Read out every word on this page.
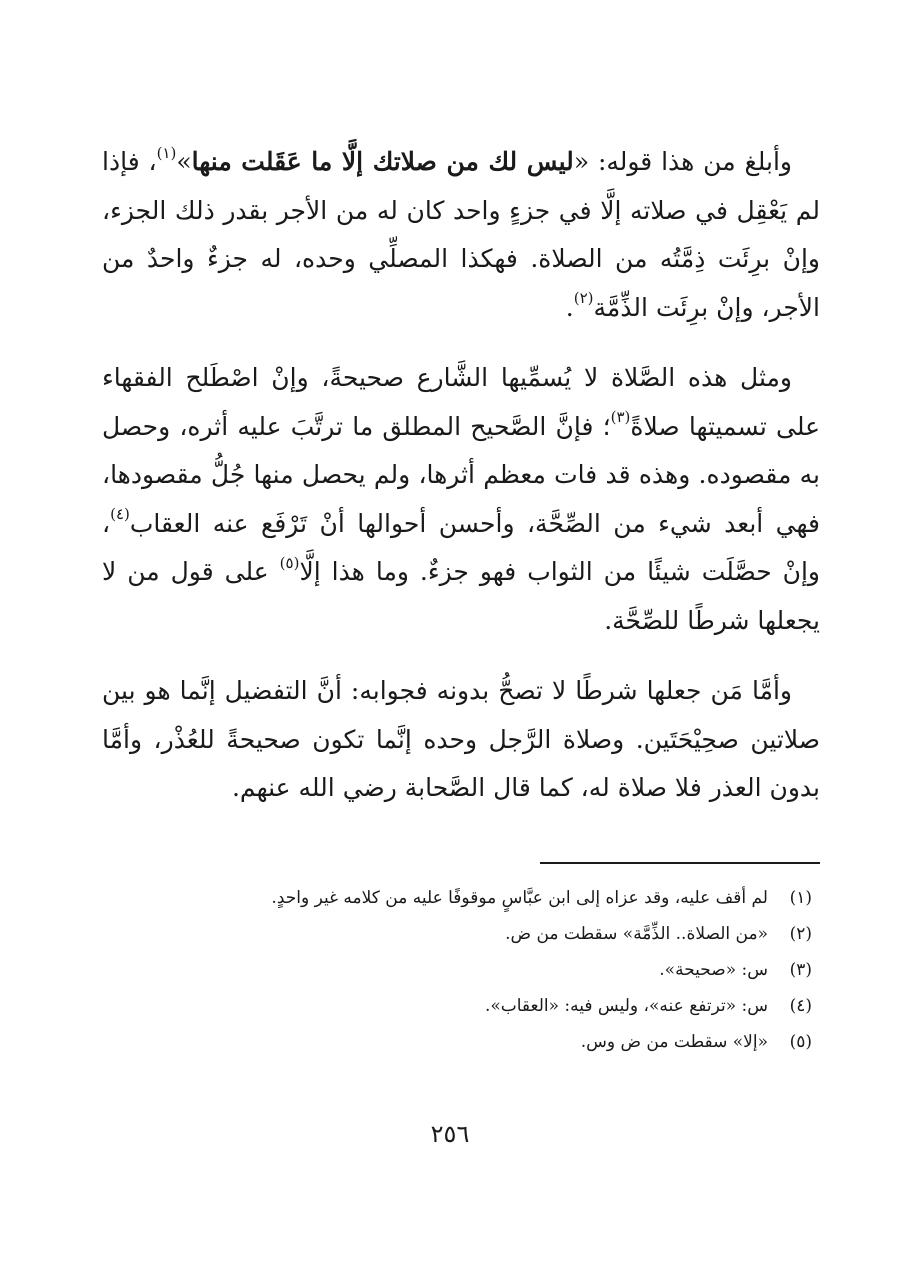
وأبلغ من هذا قوله: «ليس لك من صلاتك إلَّا ما عَقَلت منها»$^{(١)}$، فإذا لم يَعْقِل في صلاته إلَّا في جزءٍ واحد كان له من الأجر بقدر ذلك الجزء، وإنْ برِئَت ذِمَّتُه من الصلاة. فهكذا المصلِّي وحده، له جزءٌ واحدٌ من الأجر، وإنْ برِئَت الذِّمَّة$^{(٢)}$.

ومثل هذه الصَّلاة لا يُسمِّيها الشَّارع صحيحةً، وإنْ اصْطَلح الفقهاء على تسميتها صلاةً$^{(٣)}$؛ فإنَّ الصَّحيح المطلق ما ترتَّبَ عليه أثره، وحصل به مقصوده. وهذه قد فات معظم أثرها، ولم يحصل منها جُلُّ مقصودها، فهي أبعد شيء من الصِّحَّة، وأحسن أحوالها أنْ تَرْفَع عنه العقاب$^{(٤)}$، وإنْ حصَّلَت شيئًا من الثواب فهو جزءٌ. وما هذا إلَّا$^{(٥)}$ على قول من لا يجعلها شرطًا للصِّحَّة.

وأمَّا مَن جعلها شرطًا لا تصحُّ بدونه فجوابه: أنَّ التفضيل إنَّما هو بين صلاتين صحِيْحَتَين. وصلاة الرَّجل وحده إنَّما تكون صحيحةً للعُذْر، وأمَّا بدون العذر فلا صلاة له، كما قال الصَّحابة رضي الله عنهم.

(١)لم أقف عليه، وقد عزاه إلى ابن عبَّاسٍ موقوفًا عليه من كلامه غير واحدٍ.

(٢)«من الصلاة.. الذِّمَّة» سقطت من ض.

(٣)س: «صحيحة».

(٤)س: «ترتفع عنه»، وليس فيه: «العقاب».

(٥)«إلا» سقطت من ض وس.

٢٥٦
